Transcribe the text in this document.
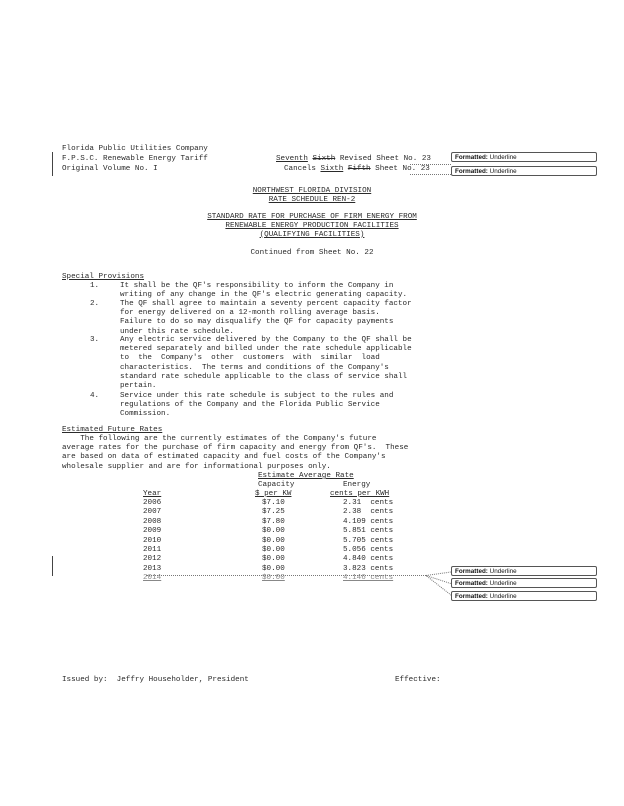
Florida Public Utilities Company
F.P.S.C. Renewable Energy Tariff
Original Volume No. I
Seventh Sixth Revised Sheet No. 23
Cancels Sixth Fifth Sheet No. 23
Formatted: Underline
Formatted: Underline
NORTHWEST FLORIDA DIVISION
RATE SCHEDULE REN-2
STANDARD RATE FOR PURCHASE OF FIRM ENERGY FROM
RENEWABLE ENERGY PRODUCTION FACILITIES
(QUALIFYING FACILITIES)
Continued from Sheet No. 22
Special Provisions
1.	It shall be the QF's responsibility to inform the Company in
writing of any change in the QF's electric generating capacity.
2.	The QF shall agree to maintain a seventy percent capacity factor
for energy delivered on a 12-month rolling average basis.
Failure to do so may disqualify the QF for capacity payments
under this rate schedule.
3.	Any electric service delivered by the Company to the QF shall be
metered separately and billed under the rate schedule applicable
to  the  Company's  other  customers  with  similar  load
characteristics.  The terms and conditions of the Company's
standard rate schedule applicable to the class of service shall
pertain.
4.	Service under this rate schedule is subject to the rules and
regulations of the Company and the Florida Public Service
Commission.
Estimated Future Rates
The following are the currently estimates of the Company's future
average rates for the purchase of firm capacity and energy from QF's.  These
are based on data of estimated capacity and fuel costs of the Company's
wholesale supplier and are for informational purposes only.
Estimate Average Rate
Capacity	Energy
Year	$ per KW	cents per KWH
2006	$7.10	2.31  cents
2007	$7.25	2.38  cents
2008	$7.80	4.109 cents
2009	$0.00	5.851 cents
2010	$0.00	5.705 cents
2011	$0.00	5.056 cents
2012	$0.00	4.840 cents
2013	$0.00	3.823 cents
2014	$0.00	4.146 cents
Formatted: Underline
Formatted: Underline
Formatted: Underline
Issued by:  Jeffry Householder, President	Effective:
